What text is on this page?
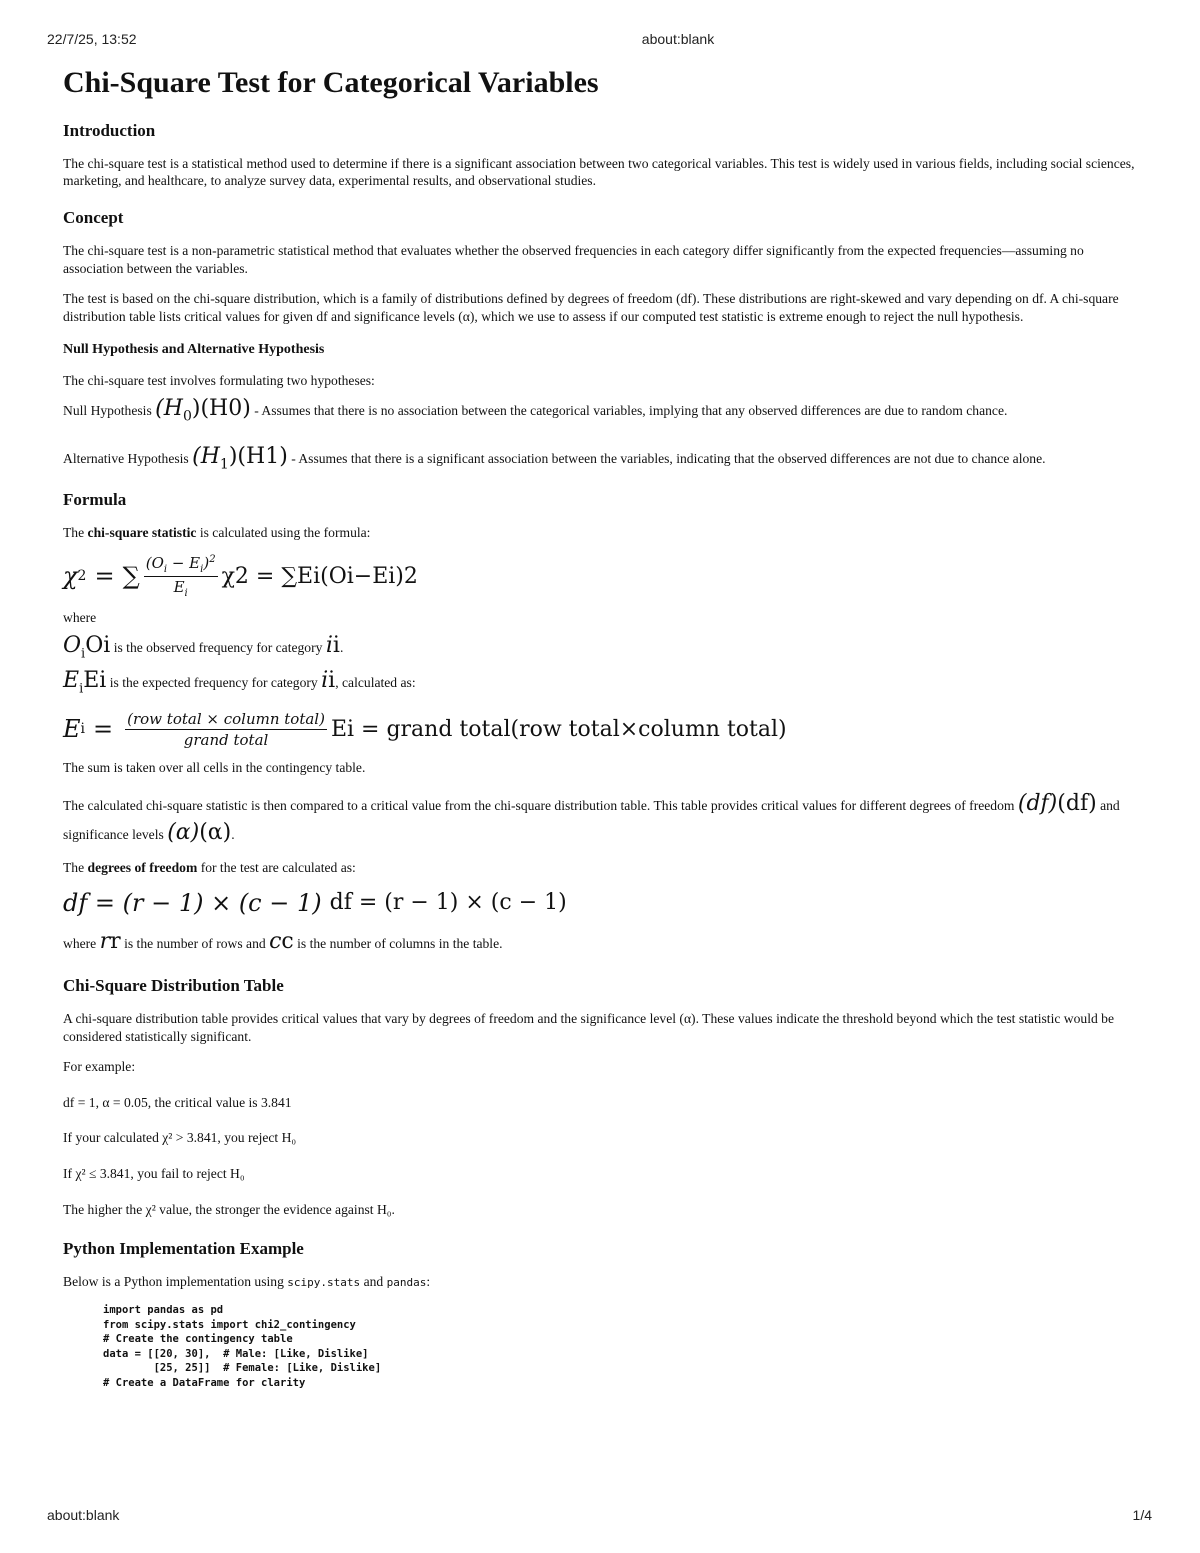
22/7/25, 13:52	about:blank
Chi-Square Test for Categorical Variables
Introduction

The chi-square test is a statistical method used to determine if there is a significant association between two categorical variables. This test is widely used in various fields, including social sciences, marketing, and healthcare, to analyze survey data, experimental results, and observational studies.

Concept

The chi-square test is a non-parametric statistical method that evaluates whether the observed frequencies in each category differ significantly from the expected frequencies—assuming no association between the variables.

The test is based on the chi-square distribution, which is a family of distributions defined by degrees of freedom (df). These distributions are right-skewed and vary depending on df. A chi-square distribution table lists critical values for given df and significance levels (α), which we use to assess if our computed test statistic is extreme enough to reject the null hypothesis.

Null Hypothesis and Alternative Hypothesis

The chi-square test involves formulating two hypotheses:

Null Hypothesis $(H_0)(H0)$ - Assumes that there is no association between the categorical variables, implying that any observed differences are due to random chance.

Alternative Hypothesis $(H_1)(H1)$ - Assumes that there is a significant association between the variables, indicating that the observed differences are not due to chance alone.

Formula

The chi-square statistic is calculated using the formula:

χ 2 = ∑ $\frac{(O_i - E_i)^2}{E_i} \chi 2 = \sum Ei(Oi-Ei)2$

where

$O_iOi$ is the observed frequency for category ii.

$E_iEi$ is the expected frequency for category ii, calculated as:

E $i = \frac{\text{(row total × column total)}}{\text{grand total}}$ Ei = grand total(row total×column total)

The sum is taken over all cells in the contingency table.

The calculated chi-square statistic is then compared to a critical value from the chi-square distribution table. This table provides critical values for different degrees of freedom (df)(df) and significance levels (α)(α).

The degrees of freedom for the test are calculated as:

df = (r − 1) × (c − 1) df = (r − 1) × (c − 1)

where rr is the number of rows and cc is the number of columns in the table.

Chi-Square Distribution Table

A chi-square distribution table provides critical values that vary by degrees of freedom and the significance level (α). These values indicate the threshold beyond which the test statistic would be considered statistically significant.

For example:

df = 1, α = 0.05, the critical value is 3.841

If your calculated χ² > 3.841, you reject H₀

If χ² ≤ 3.841, you fail to reject H₀

The higher the χ² value, the stronger the evidence against H₀.

Python Implementation Example

Below is a Python implementation using scipy.stats and pandas:

import pandas as pd
from scipy.stats import chi2_contingency
# Create the contingency table
data = [[20, 30],  # Male: [Like, Dislike]
[25, 25]]  # Female: [Like, Dislike]
# Create a DataFrame for clarity
about:blank	1/4
